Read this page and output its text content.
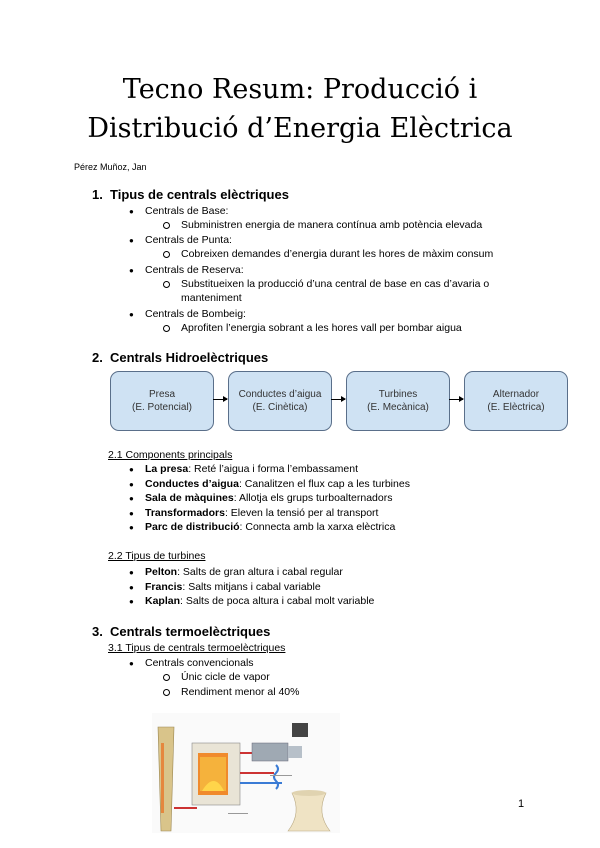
Tecno Resum: Producció i
Distribució d’Energia Elèctrica
Pérez Muñoz, Jan
1. Tipus de centrals elèctriques
● Centrals de Base:
Subministren energia de manera contínua amb potència elevada
● Centrals de Punta:
Cobreixen demandes d’energia durant les hores de màxim consum
● Centrals de Reserva:
Substitueixen la producció d’una central de base en cas d’avaria o
manteniment
● Centrals de Bombeig:
Aprofiten l’energia sobrant a les hores vall per bombar aigua
2. Centrals Hidroelèctriques
Presa
(E. Potencial)
Conductes d’aigua
(E. Cinètica)
Turbines
(E. Mecànica)
Alternador
(E. Elèctrica)
2.1 Components principals
● La presa: Reté l’aigua i forma l’embassament
● Conductes d’aigua: Canalitzen el flux cap a les turbines
● Sala de màquines: Allotja els grups turboalternadors
● Transformadors: Eleven la tensió per al transport
● Parc de distribució: Connecta amb la xarxa elèctrica
2.2 Tipus de turbines
● Pelton: Salts de gran altura i cabal regular
● Francis: Salts mitjans i cabal variable
● Kaplan: Salts de poca altura i cabal molt variable
3. Centrals termoelèctriques
3.1 Tipus de centrals termoelèctriques
● Centrals convencionals
Únic cicle de vapor
Rendiment menor al 40%
1
